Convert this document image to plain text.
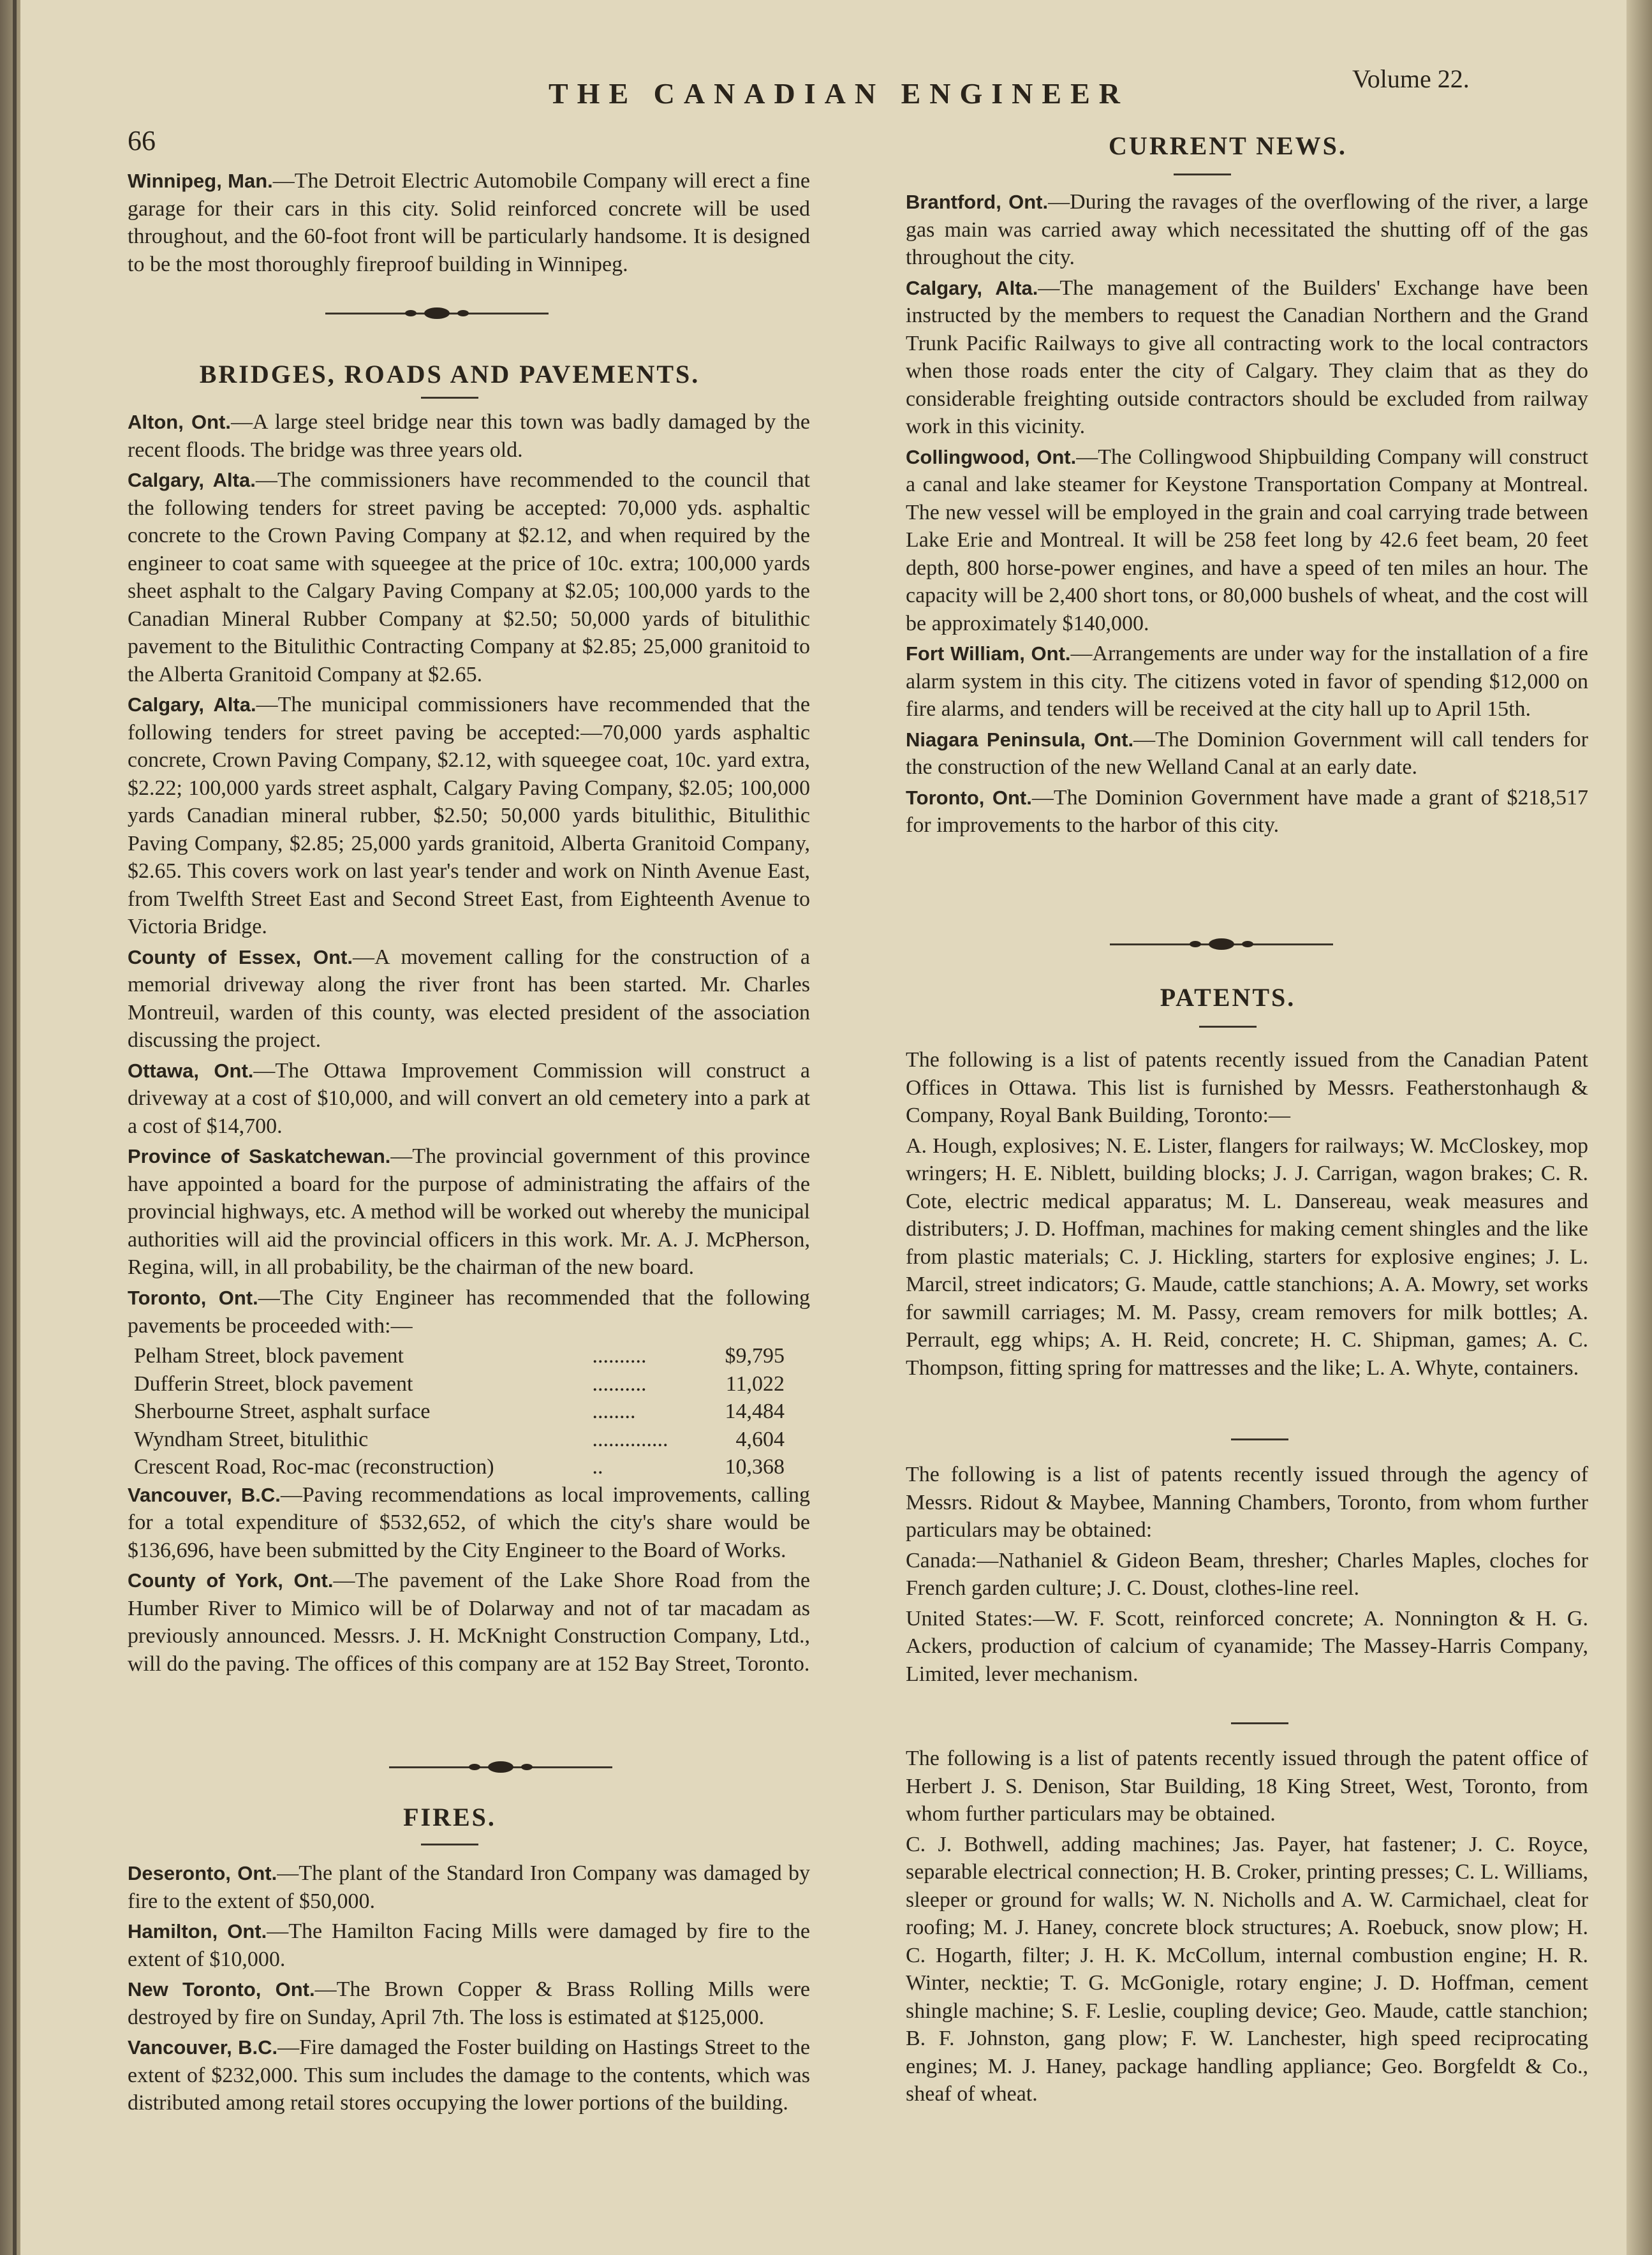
66
THE CANADIAN ENGINEER	Volume 22.

Winnipeg, Man.—The Detroit Electric Automobile Company will erect a fine garage for their cars in this city. Solid reinforced concrete will be used throughout, and the 60-foot front will be particularly handsome. It is designed to be the most thoroughly fireproof building in Winnipeg.

BRIDGES, ROADS AND PAVEMENTS.

Alton, Ont.—A large steel bridge near this town was badly damaged by the recent floods. The bridge was three years old.

Calgary, Alta.—The commissioners have recommended to the council that the following tenders for street paving be accepted: 70,000 yds. asphaltic concrete to the Crown Paving Company at $2.12, and when required by the engineer to coat same with squeegee at the price of 10c. extra; 100,000 yards sheet asphalt to the Calgary Paving Company at $2.05; 100,000 yards to the Canadian Mineral Rubber Company at $2.50; 50,000 yards of bitulithic pavement to the Bitulithic Contracting Company at $2.85; 25,000 granitoid to the Alberta Granitoid Company at $2.65.

Calgary, Alta.—The municipal commissioners have recommended that the following tenders for street paving be accepted:—70,000 yards asphaltic concrete, Crown Paving Company, $2.12, with squeegee coat, 10c. yard extra, $2.22; 100,000 yards street asphalt, Calgary Paving Company, $2.05; 100,000 yards Canadian mineral rubber, $2.50; 50,000 yards bitulithic, Bitulithic Paving Company, $2.85; 25,000 yards granitoid, Alberta Granitoid Company, $2.65. This covers work on last year's tender and work on Ninth Avenue East, from Twelfth Street East and Second Street East, from Eighteenth Avenue to Victoria Bridge.

County of Essex, Ont.—A movement calling for the construction of a memorial driveway along the river front has been started. Mr. Charles Montreuil, warden of this county, was elected president of the association discussing the project.

Ottawa, Ont.—The Ottawa Improvement Commission will construct a driveway at a cost of $10,000, and will convert an old cemetery into a park at a cost of $14,700.

Province of Saskatchewan.—The provincial government of this province have appointed a board for the purpose of administrating the affairs of the provincial highways, etc. A method will be worked out whereby the municipal authorities will aid the provincial officers in this work. Mr. A. J. McPherson, Regina, will, in all probability, be the chairman of the new board.

Toronto, Ont.—The City Engineer has recommended that the following pavements be proceeded with:—

Pelham Street, block pavement	..........	$9,795
Dufferin Street, block pavement	..........	11,022
Sherbourne Street, asphalt surface	........	14,484
Wyndham Street, bitulithic	..............	4,604
Crescent Road, Roc-mac (reconstruction)	..	10,368

Vancouver, B.C.—Paving recommendations as local improvements, calling for a total expenditure of $532,652, of which the city's share would be $136,696, have been submitted by the City Engineer to the Board of Works.

County of York, Ont.—The pavement of the Lake Shore Road from the Humber River to Mimico will be of Dolarway and not of tar macadam as previously announced. Messrs. J. H. McKnight Construction Company, Ltd., will do the paving. The offices of this company are at 152 Bay Street, Toronto.

FIRES.

Deseronto, Ont.—The plant of the Standard Iron Company was damaged by fire to the extent of $50,000.

Hamilton, Ont.—The Hamilton Facing Mills were damaged by fire to the extent of $10,000.

New Toronto, Ont.—The Brown Copper & Brass Rolling Mills were destroyed by fire on Sunday, April 7th. The loss is estimated at $125,000.

Vancouver, B.C.—Fire damaged the Foster building on Hastings Street to the extent of $232,000. This sum includes the damage to the contents, which was distributed among retail stores occupying the lower portions of the building.

CURRENT NEWS.

Brantford, Ont.—During the ravages of the overflowing of the river, a large gas main was carried away which necessitated the shutting off of the gas throughout the city.

Calgary, Alta.—The management of the Builders' Exchange have been instructed by the members to request the Canadian Northern and the Grand Trunk Pacific Railways to give all contracting work to the local contractors when those roads enter the city of Calgary. They claim that as they do considerable freighting outside contractors should be excluded from railway work in this vicinity.

Collingwood, Ont.—The Collingwood Shipbuilding Company will construct a canal and lake steamer for Keystone Transportation Company at Montreal. The new vessel will be employed in the grain and coal carrying trade between Lake Erie and Montreal. It will be 258 feet long by 42.6 feet beam, 20 feet depth, 800 horse-power engines, and have a speed of ten miles an hour. The capacity will be 2,400 short tons, or 80,000 bushels of wheat, and the cost will be approximately $140,000.

Fort William, Ont.—Arrangements are under way for the installation of a fire alarm system in this city. The citizens voted in favor of spending $12,000 on fire alarms, and tenders will be received at the city hall up to April 15th.

Niagara Peninsula, Ont.—The Dominion Government will call tenders for the construction of the new Welland Canal at an early date.

Toronto, Ont.—The Dominion Government have made a grant of $218,517 for improvements to the harbor of this city.

PATENTS.

The following is a list of patents recently issued from the Canadian Patent Offices in Ottawa. This list is furnished by Messrs. Featherstonhaugh & Company, Royal Bank Building, Toronto:—

A. Hough, explosives; N. E. Lister, flangers for railways; W. McCloskey, mop wringers; H. E. Niblett, building blocks; J. J. Carrigan, wagon brakes; C. R. Cote, electric medical apparatus; M. L. Dansereau, weak measures and distributers; J. D. Hoffman, machines for making cement shingles and the like from plastic materials; C. J. Hickling, starters for explosive engines; J. L. Marcil, street indicators; G. Maude, cattle stanchions; A. A. Mowry, set works for sawmill carriages; M. M. Passy, cream removers for milk bottles; A. Perrault, egg whips; A. H. Reid, concrete; H. C. Shipman, games; A. C. Thompson, fitting spring for mattresses and the like; L. A. Whyte, containers.

The following is a list of patents recently issued through the agency of Messrs. Ridout & Maybee, Manning Chambers, Toronto, from whom further particulars may be obtained:

Canada:—Nathaniel & Gideon Beam, thresher; Charles Maples, cloches for French garden culture; J. C. Doust, clothes-line reel.

United States:—W. F. Scott, reinforced concrete; A. Nonnington & H. G. Ackers, production of calcium of cyanamide; The Massey-Harris Company, Limited, lever mechanism.

The following is a list of patents recently issued through the patent office of Herbert J. S. Denison, Star Building, 18 King Street, West, Toronto, from whom further particulars may be obtained.

C. J. Bothwell, adding machines; Jas. Payer, hat fastener; J. C. Royce, separable electrical connection; H. B. Croker, printing presses; C. L. Williams, sleeper or ground for walls; W. N. Nicholls and A. W. Carmichael, cleat for roofing; M. J. Haney, concrete block structures; A. Roebuck, snow plow; H. C. Hogarth, filter; J. H. K. McCollum, internal combustion engine; H. R. Winter, necktie; T. G. McGonigle, rotary engine; J. D. Hoffman, cement shingle machine; S. F. Leslie, coupling device; Geo. Maude, cattle stanchion; B. F. Johnston, gang plow; F. W. Lanchester, high speed reciprocating engines; M. J. Haney, package handling appliance; Geo. Borgfeldt & Co., sheaf of wheat.
